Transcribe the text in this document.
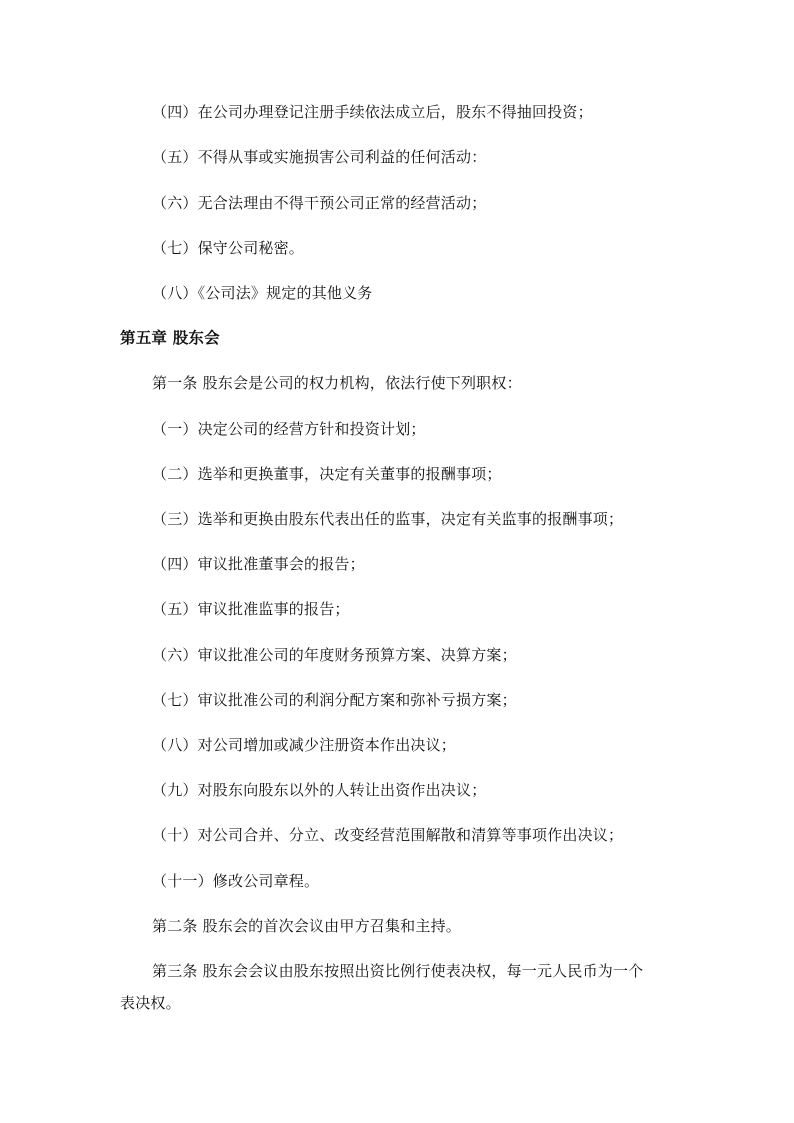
（四）在公司办理登记注册手续依法成立后，股东不得抽回投资；
（五）不得从事或实施损害公司利益的任何活动：
（六）无合法理由不得干预公司正常的经营活动；
（七）保守公司秘密。
（八）《公司法》规定的其他义务
第五章 股东会
第一条 股东会是公司的权力机构，依法行使下列职权：
（一）决定公司的经营方针和投资计划；
（二）选举和更换董事，决定有关董事的报酬事项；
（三）选举和更换由股东代表出任的监事，决定有关监事的报酬事项；
（四）审议批准董事会的报告；
（五）审议批准监事的报告；
（六）审议批准公司的年度财务预算方案、决算方案；
（七）审议批准公司的利润分配方案和弥补亏损方案；
（八）对公司增加或减少注册资本作出决议；
（九）对股东向股东以外的人转让出资作出决议；
（十）对公司合并、分立、改变经营范围解散和清算等事项作出决议；
（十一）修改公司章程。
第二条 股东会的首次会议由甲方召集和主持。
第三条 股东会会议由股东按照出资比例行使表决权，每一元人民币为一个
表决权。
